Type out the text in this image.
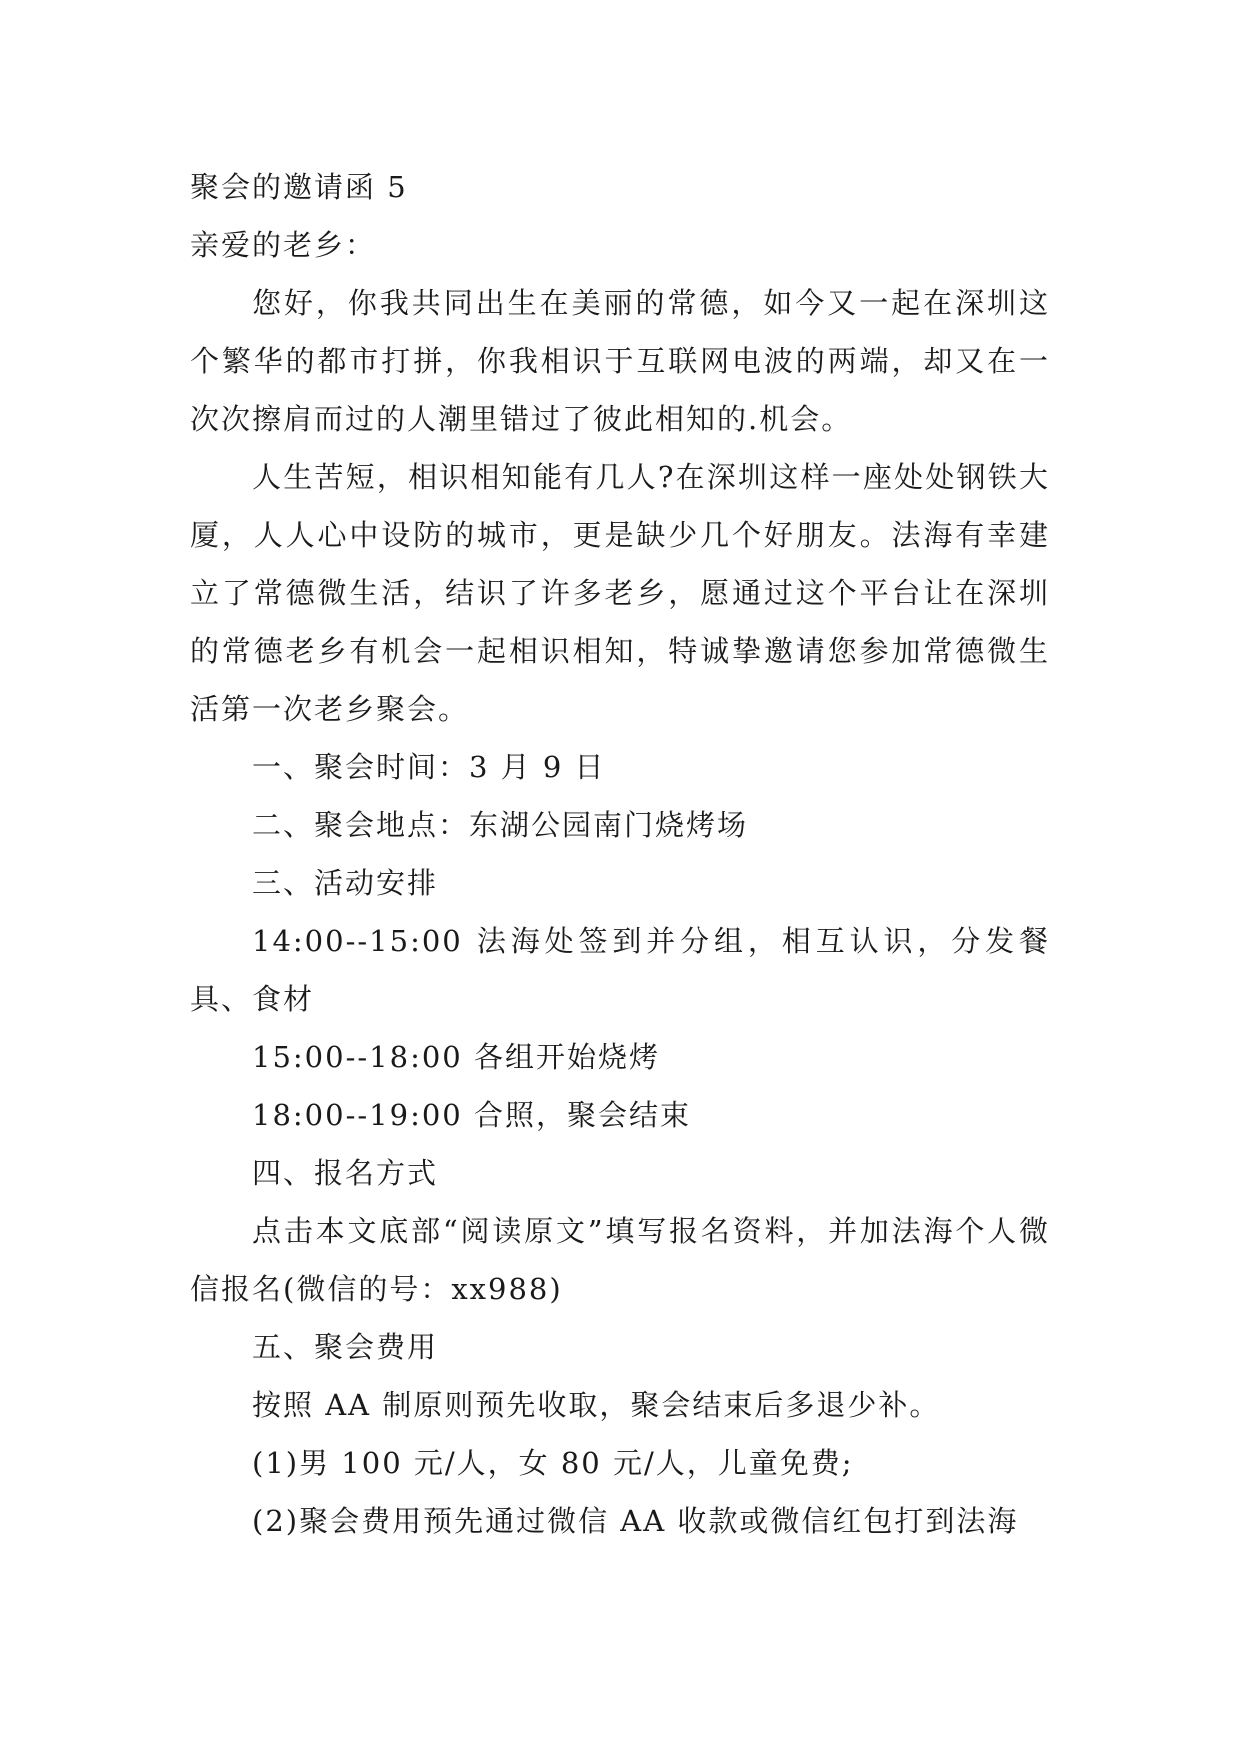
聚会的邀请函 5

亲爱的老乡：

您好，你我共同出生在美丽的常德，如今又一起在深圳这个繁华的都市打拼，你我相识于互联网电波的两端，却又在一次次擦肩而过的人潮里错过了彼此相知的.机会。

人生苦短，相识相知能有几人?在深圳这样一座处处钢铁大厦，人人心中设防的城市，更是缺少几个好朋友。法海有幸建立了常德微生活，结识了许多老乡，愿通过这个平台让在深圳的常德老乡有机会一起相识相知，特诚挚邀请您参加常德微生活第一次老乡聚会。

一、聚会时间：3 月 9 日

二、聚会地点：东湖公园南门烧烤场

三、活动安排

14:00--15:00 法海处签到并分组，相互认识，分发餐具、食材

15:00--18:00 各组开始烧烤

18:00--19:00 合照，聚会结束

四、报名方式

点击本文底部“阅读原文”填写报名资料，并加法海个人微信报名(微信的号：xx988)

五、聚会费用

按照 AA 制原则预先收取，聚会结束后多退少补。

(1)男 100 元/人，女 80 元/人，儿童免费;

(2)聚会费用预先通过微信 AA 收款或微信红包打到法海
